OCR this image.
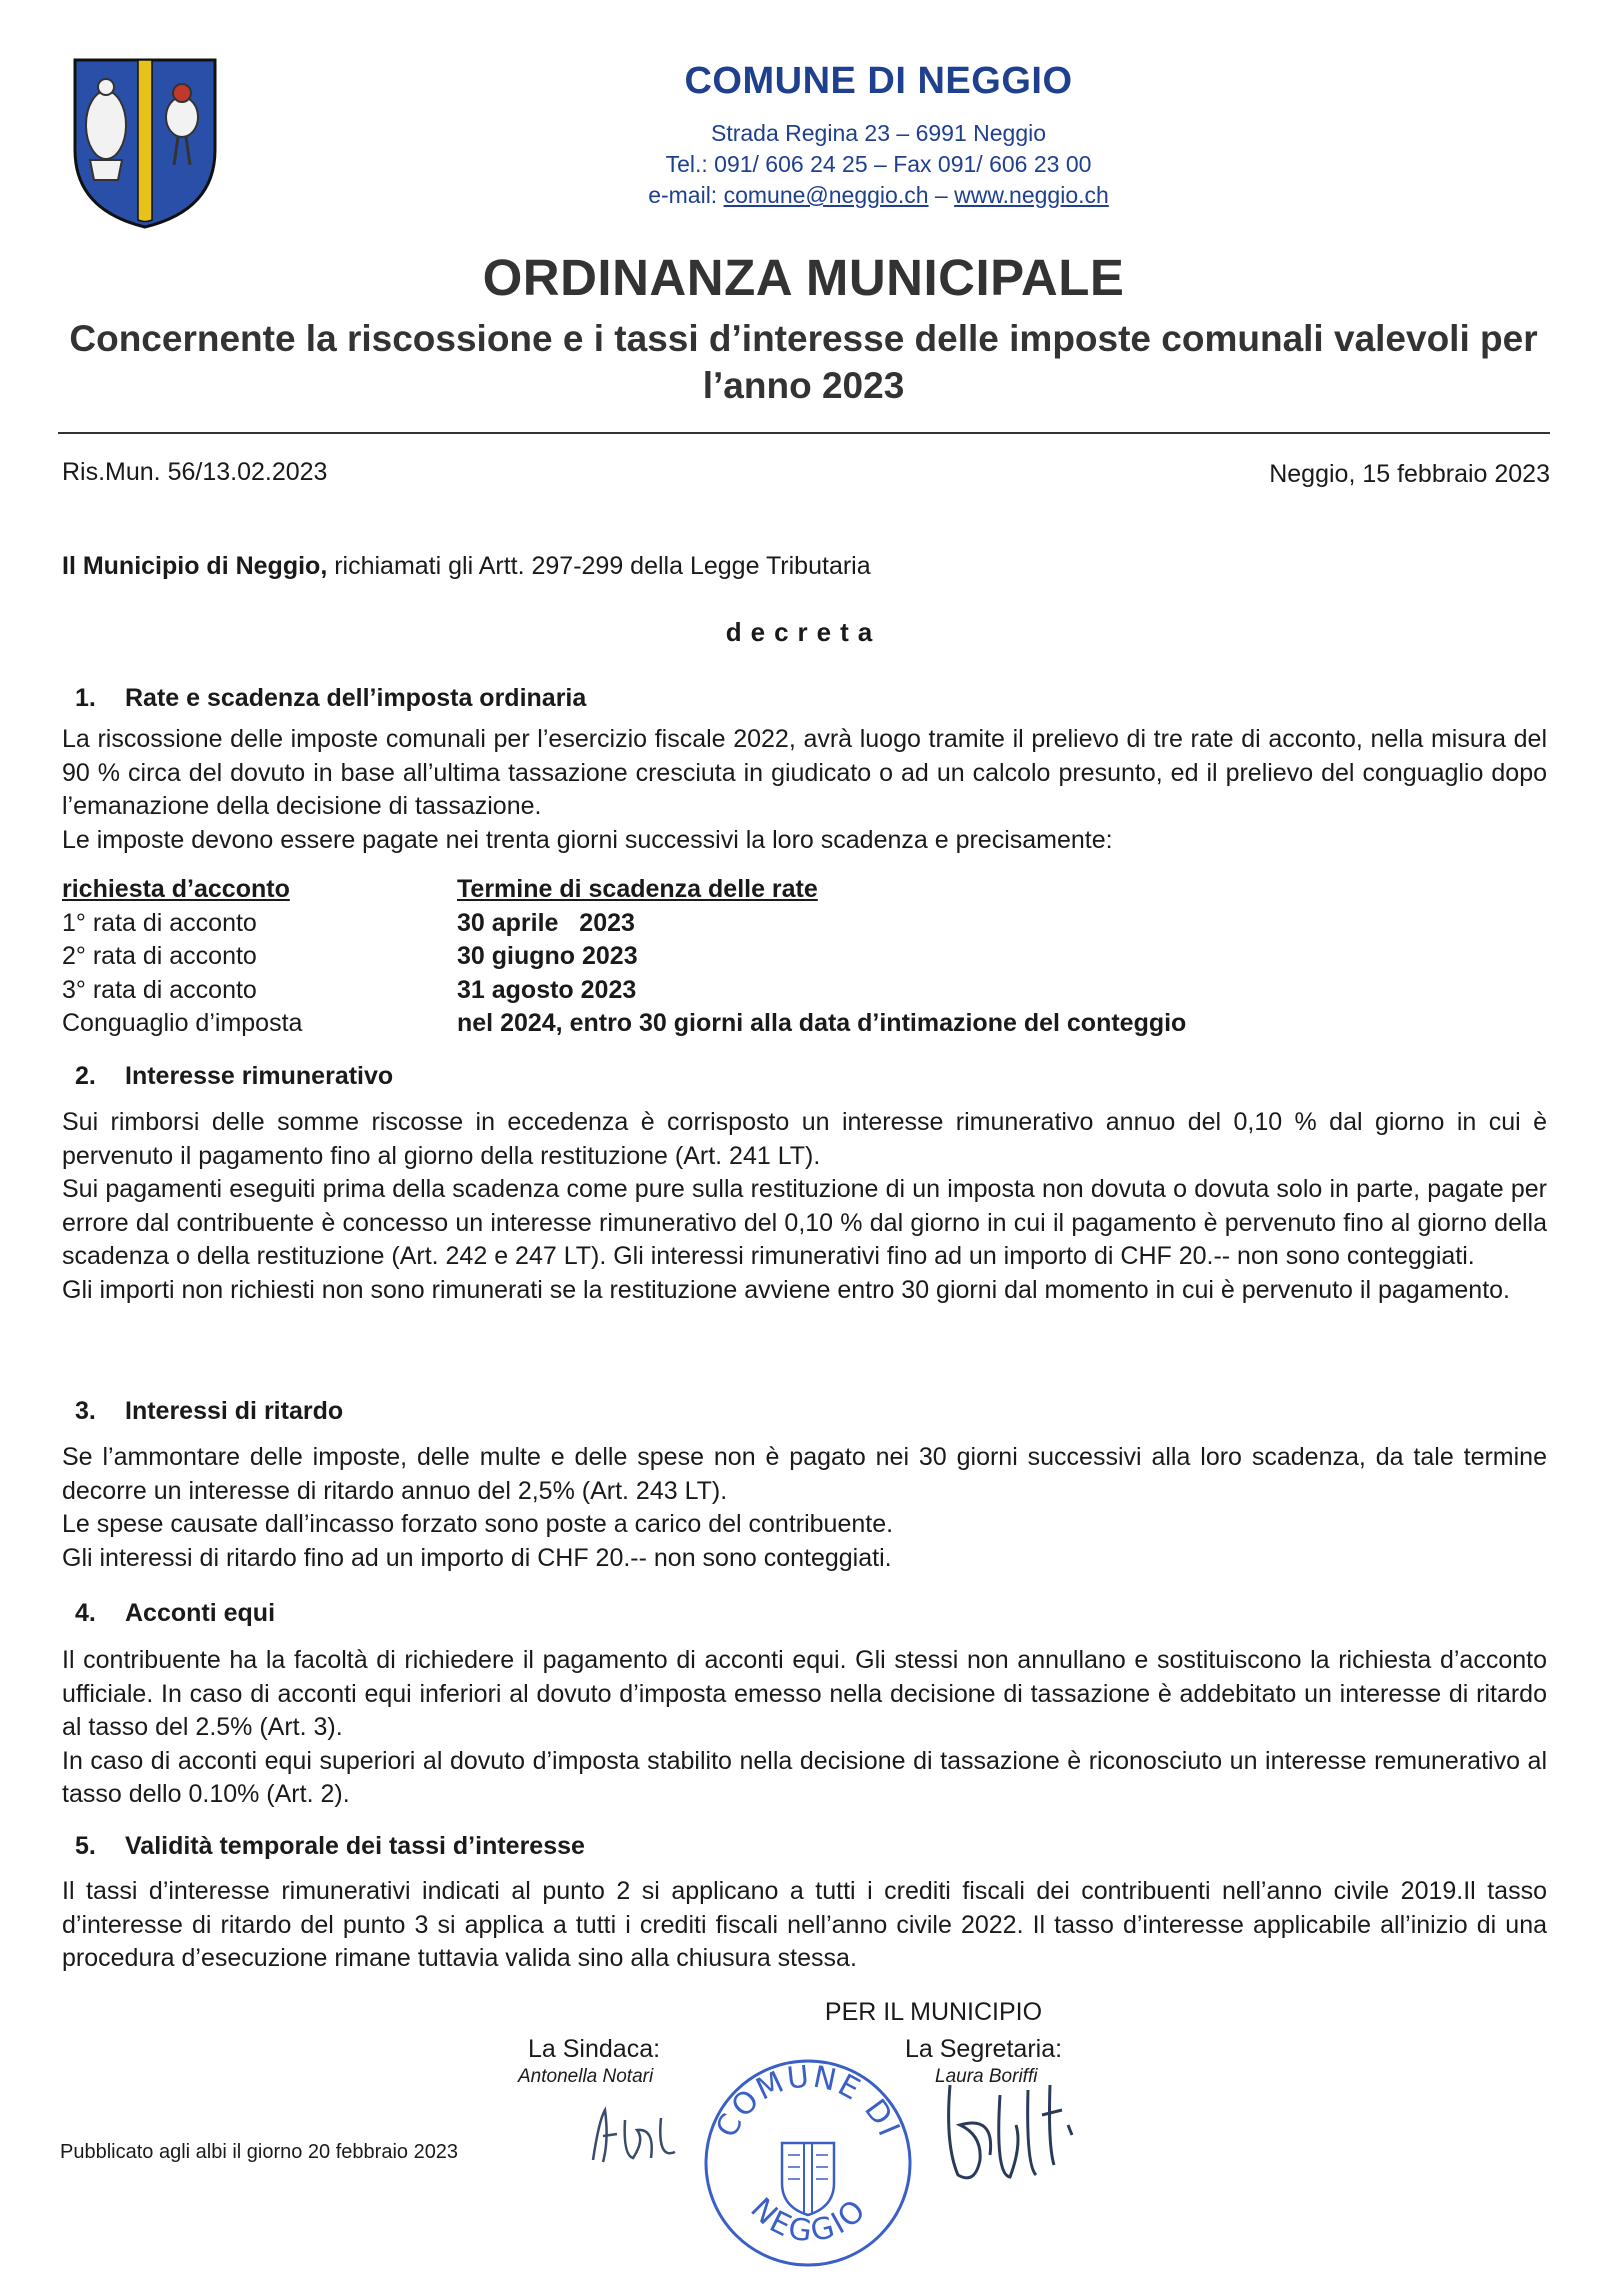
COMUNE DI NEGGIO
Strada Regina 23 – 6991 Neggio
Tel.: 091/ 606 24 25 – Fax 091/ 606 23 00
e-mail: comune@neggio.ch – www.neggio.ch
ORDINANZA MUNICIPALE
Concernente la riscossione e i tassi d’interesse delle imposte comunali valevoli per l’anno 2023
Ris.Mun. 56/13.02.2023	Neggio, 15 febbraio 2023
Il Municipio di Neggio, richiamati gli Artt. 297-299 della Legge Tributaria
decreta
1. Rate e scadenza dell’imposta ordinaria
La riscossione delle imposte comunali per l’esercizio fiscale 2022, avrà luogo tramite il prelievo di tre rate di acconto, nella misura del 90 % circa del dovuto in base all’ultima tassazione cresciuta in giudicato o ad un calcolo presunto, ed il prelievo del conguaglio dopo l’emanazione della decisione di tassazione.
Le imposte devono essere pagate nei trenta giorni successivi la loro scadenza e precisamente:
richiesta d’acconto	Termine di scadenza delle rate
1° rata di acconto	30 aprile   2023
2° rata di acconto	30 giugno 2023
3° rata di acconto	31 agosto 2023
Conguaglio d’imposta	nel 2024, entro 30 giorni alla data d’intimazione del conteggio
2. Interesse rimunerativo
Sui rimborsi delle somme riscosse in eccedenza è corrisposto un interesse rimunerativo annuo del 0,10 % dal giorno in cui è pervenuto il pagamento fino al giorno della restituzione (Art. 241 LT).
Sui pagamenti eseguiti prima della scadenza come pure sulla restituzione di un imposta non dovuta o dovuta solo in parte, pagate per errore dal contribuente è concesso un interesse rimunerativo del 0,10 % dal giorno in cui il pagamento è pervenuto fino al giorno della scadenza o della restituzione (Art. 242 e 247 LT). Gli interessi rimunerativi fino ad un importo di CHF 20.-- non sono conteggiati.
Gli importi non richiesti non sono rimunerati se la restituzione avviene entro 30 giorni dal momento in cui è pervenuto il pagamento.
3. Interessi di ritardo
Se l’ammontare delle imposte, delle multe e delle spese non è pagato nei 30 giorni successivi alla loro scadenza, da tale termine decorre un interesse di ritardo annuo del 2,5% (Art. 243 LT).
Le spese causate dall’incasso forzato sono poste a carico del contribuente.
Gli interessi di ritardo fino ad un importo di CHF 20.-- non sono conteggiati.
4. Acconti equi
Il contribuente ha la facoltà di richiedere il pagamento di acconti equi. Gli stessi non annullano e sostituiscono la richiesta d’acconto ufficiale. In caso di acconti equi inferiori al dovuto d’imposta emesso nella decisione di tassazione è addebitato un interesse di ritardo al tasso del 2.5% (Art. 3).
In caso di acconti equi superiori al dovuto d’imposta stabilito nella decisione di tassazione è riconosciuto un interesse remunerativo al tasso dello 0.10% (Art. 2).
5. Validità temporale dei tassi d’interesse
Il tassi d’interesse rimunerativi indicati al punto 2 si applicano a tutti i crediti fiscali dei contribuenti nell’anno civile 2019.Il tasso d’interesse di ritardo del punto 3 si applica a tutti i crediti fiscali nell’anno civile 2022. Il tasso d’interesse applicabile all’inizio di una procedura d’esecuzione rimane tuttavia valida sino alla chiusura stessa.
PER IL MUNICIPIO
La Sindaca:
Antonella Notari
La Segretaria:
Laura Boriffi
COMUNE DI
NEGGIO
Pubblicato agli albi il giorno 20 febbraio 2023
